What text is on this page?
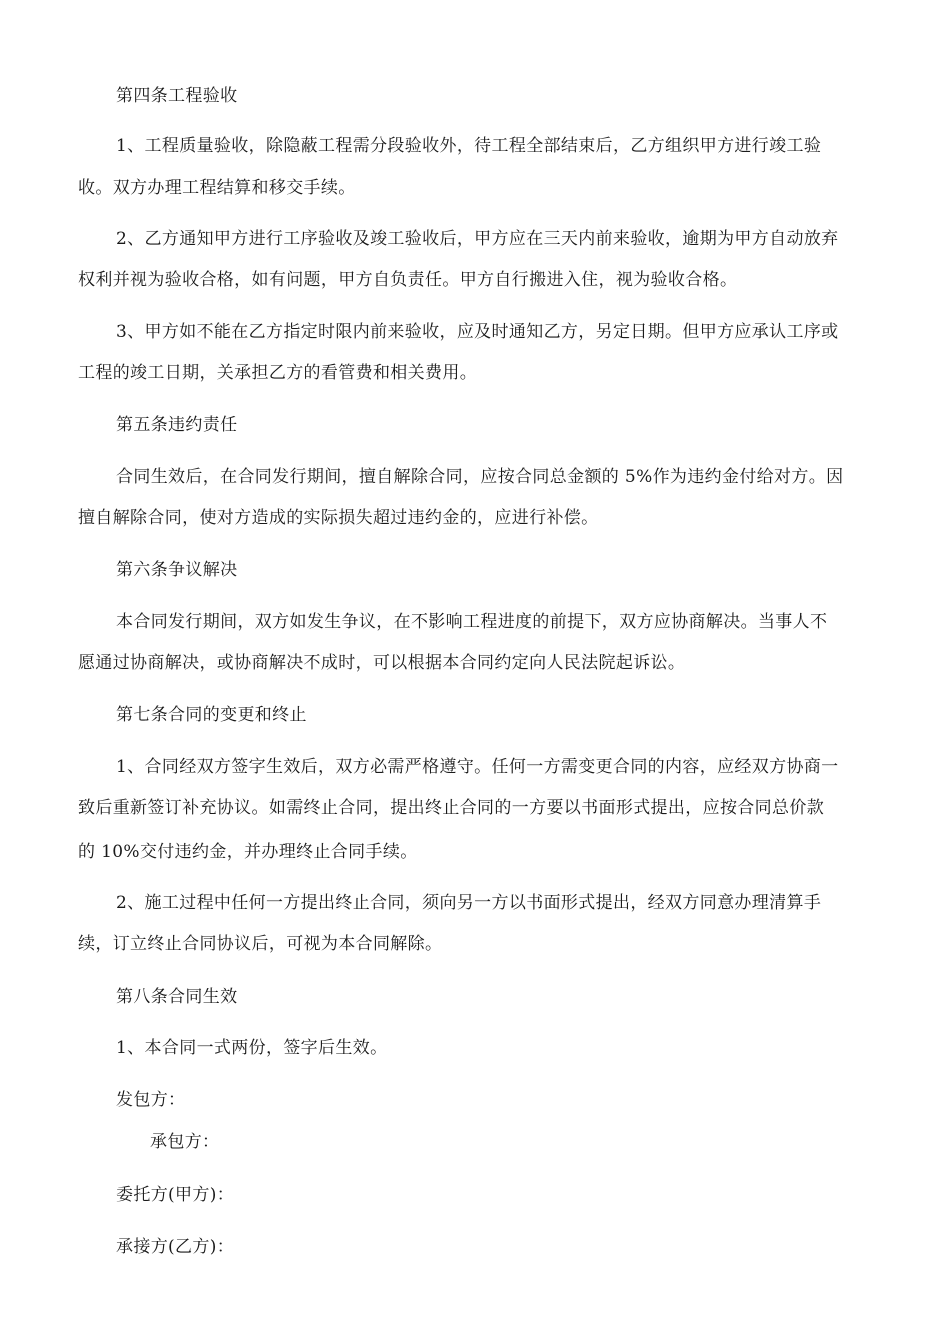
第四条工程验收
1、工程质量验收，除隐蔽工程需分段验收外，待工程全部结束后，乙方组织甲方进行竣工验
收。双方办理工程结算和移交手续。
2、乙方通知甲方进行工序验收及竣工验收后，甲方应在三天内前来验收，逾期为甲方自动放弃
权利并视为验收合格，如有问题，甲方自负责任。甲方自行搬进入住，视为验收合格。
3、甲方如不能在乙方指定时限内前来验收，应及时通知乙方，另定日期。但甲方应承认工序或
工程的竣工日期，关承担乙方的看管费和相关费用。
第五条违约责任
合同生效后，在合同发行期间，擅自解除合同，应按合同总金额的 5%作为违约金付给对方。因
擅自解除合同，使对方造成的实际损失超过违约金的，应进行补偿。
第六条争议解决
本合同发行期间，双方如发生争议，在不影响工程进度的前提下，双方应协商解决。当事人不
愿通过协商解决，或协商解决不成时，可以根据本合同约定向人民法院起诉讼。
第七条合同的变更和终止
1、合同经双方签字生效后，双方必需严格遵守。任何一方需变更合同的内容，应经双方协商一
致后重新签订补充协议。如需终止合同，提出终止合同的一方要以书面形式提出，应按合同总价款
的 10%交付违约金，并办理终止合同手续。
2、施工过程中任何一方提出终止合同，须向另一方以书面形式提出，经双方同意办理清算手
续，订立终止合同协议后，可视为本合同解除。
第八条合同生效
1、本合同一式两份，签字后生效。
发包方：
承包方：
委托方(甲方)：
承接方(乙方)：
